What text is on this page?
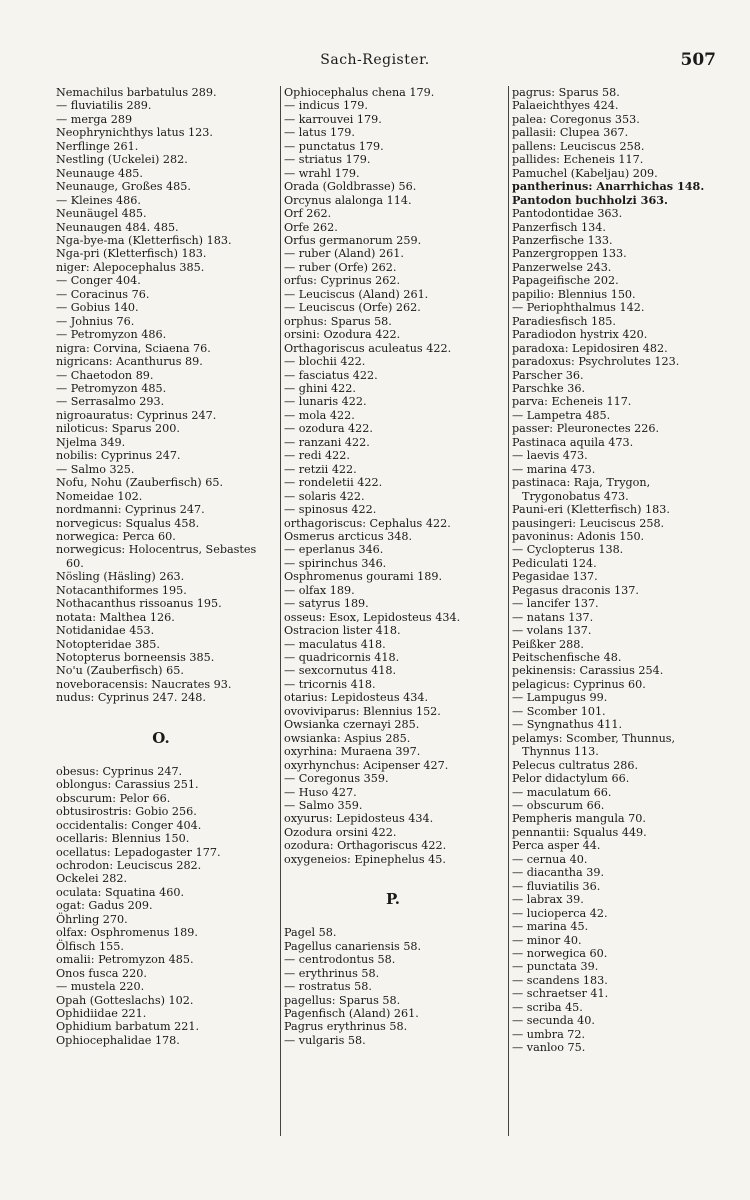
Sach-Register.	507
Nemachilus barbatulus 289.
— fluviatilis 289.
— merga 289
Neophrynichthys latus 123.
Nerflinge 261.
Nestling (Uckelei) 282.
Neunauge 485.
Neunauge, Großes 485.
— Kleines 486.
Neunäugel 485.
Neunaugen 484. 485.
Nga-bye-ma (Kletterfisch) 183.
Nga-pri (Kletterfisch) 183.
niger: Alepocephalus 385.
— Conger 404.
— Coracinus 76.
— Gobius 140.
— Johnius 76.
— Petromyzon 486.
nigra: Corvina, Sciaena 76.
nigricans: Acanthurus 89.
— Chaetodon 89.
— Petromyzon 485.
— Serrasalmo 293.
nigroauratus: Cyprinus 247.
niloticus: Sparus 200.
Njelma 349.
nobilis: Cyprinus 247.
— Salmo 325.
Nofu, Nohu (Zauberfisch) 65.
Nomeidae 102.
nordmanni: Cyprinus 247.
norvegicus: Squalus 458.
norwegica: Perca 60.
norwegicus: Holocentrus, Sebastes 60.
Nösling (Häsling) 263.
Notacanthiformes 195.
Nothacanthus rissoanus 195.
notata: Malthea 126.
Notidanidae 453.
Notopteridae 385.
Notopterus borneensis 385.
No'u (Zauberfisch) 65.
noveboracensis: Naucrates 93.
nudus: Cyprinus 247. 248.
O.
obesus: Cyprinus 247.
oblongus: Carassius 251.
obscurum: Pelor 66.
obtusirostris: Gobio 256.
occidentalis: Conger 404.
ocellaris: Blennius 150.
ocellatus: Lepadogaster 177.
ochrodon: Leuciscus 282.
Ockelei 282.
oculata: Squatina 460.
ogat: Gadus 209.
Öhrling 270.
olfax: Osphromenus 189.
Ölfisch 155.
omalii: Petromyzon 485.
Onos fusca 220.
— mustela 220.
Opah (Gotteslachs) 102.
Ophidiidae 221.
Ophidium barbatum 221.
Ophiocephalidae 178.
Ophiocephalus chena 179.
— indicus 179.
— karrouvei 179.
— latus 179.
— punctatus 179.
— striatus 179.
— wrahl 179.
Orada (Goldbrasse) 56.
Orcynus alalonga 114.
Orf 262.
Orfe 262.
Orfus germanorum 259.
— ruber (Aland) 261.
— ruber (Orfe) 262.
orfus: Cyprinus 262.
— Leuciscus (Aland) 261.
— Leuciscus (Orfe) 262.
orphus: Sparus 58.
orsini: Ozodura 422.
Orthagoriscus aculeatus 422.
— blochii 422.
— fasciatus 422.
— ghini 422.
— lunaris 422.
— mola 422.
— ozodura 422.
— ranzani 422.
— redi 422.
— retzii 422.
— rondeletii 422.
— solaris 422.
— spinosus 422.
orthagoriscus: Cephalus 422.
Osmerus arcticus 348.
— eperlanus 346.
— spirinchus 346.
Osphromenus gourami 189.
— olfax 189.
— satyrus 189.
osseus: Esox, Lepidosteus 434.
Ostracion lister 418.
— maculatus 418.
— quadricornis 418.
— sexcornutus 418.
— tricornis 418.
otarius: Lepidosteus 434.
ovoviviparus: Blennius 152.
Owsianka czernayi 285.
owsianka: Aspius 285.
oxyrhina: Muraena 397.
oxyrhynchus: Acipenser 427.
— Coregonus 359.
— Huso 427.
— Salmo 359.
oxyurus: Lepidosteus 434.
Ozodura orsini 422.
ozodura: Orthagoriscus 422.
oxygeneios: Epinephelus 45.
P.
Pagel 58.
Pagellus canariensis 58.
— centrodontus 58.
— erythrinus 58.
— rostratus 58.
pagellus: Sparus 58.
Pagenfisch (Aland) 261.
Pagrus erythrinus 58.
— vulgaris 58.
pagrus: Sparus 58.
Palaeichthyes 424.
palea: Coregonus 353.
pallasii: Clupea 367.
pallens: Leuciscus 258.
pallides: Echeneis 117.
Pamuchel (Kabeljau) 209.
pantherinus: Anarrhichas 148.
Pantodon buchholzi 363.
Pantodontidae 363.
Panzerfisch 134.
Panzerfische 133.
Panzergroppen 133.
Panzerwelse 243.
Papageifische 202.
papilio: Blennius 150.
— Periophthalmus 142.
Paradiesfisch 185.
Paradiodon hystrix 420.
paradoxa: Lepidosiren 482.
paradoxus: Psychrolutes 123.
Parscher 36.
Parschke 36.
parva: Echeneis 117.
— Lampetra 485.
passer: Pleuronectes 226.
Pastinaca aquila 473.
— laevis 473.
— marina 473.
pastinaca: Raja, Trygon, Trygonobatus 473.
Pauni-eri (Kletterfisch) 183.
pausingeri: Leuciscus 258.
pavoninus: Adonis 150.
— Cyclopterus 138.
Pediculati 124.
Pegasidae 137.
Pegasus draconis 137.
— lancifer 137.
— natans 137.
— volans 137.
Peißker 288.
Peitschenfische 48.
pekinensis: Carassius 254.
pelagicus: Cyprinus 60.
— Lampugus 99.
— Scomber 101.
— Syngnathus 411.
pelamys: Scomber, Thunnus, Thynnus 113.
Pelecus cultratus 286.
Pelor didactylum 66.
— maculatum 66.
— obscurum 66.
Pempheris mangula 70.
pennantii: Squalus 449.
Perca asper 44.
— cernua 40.
— diacantha 39.
— fluviatilis 36.
— labrax 39.
— lucioperca 42.
— marina 45.
— minor 40.
— norwegica 60.
— punctata 39.
— scandens 183.
— schraetser 41.
— scriba 45.
— secunda 40.
— umbra 72.
— vanloo 75.
